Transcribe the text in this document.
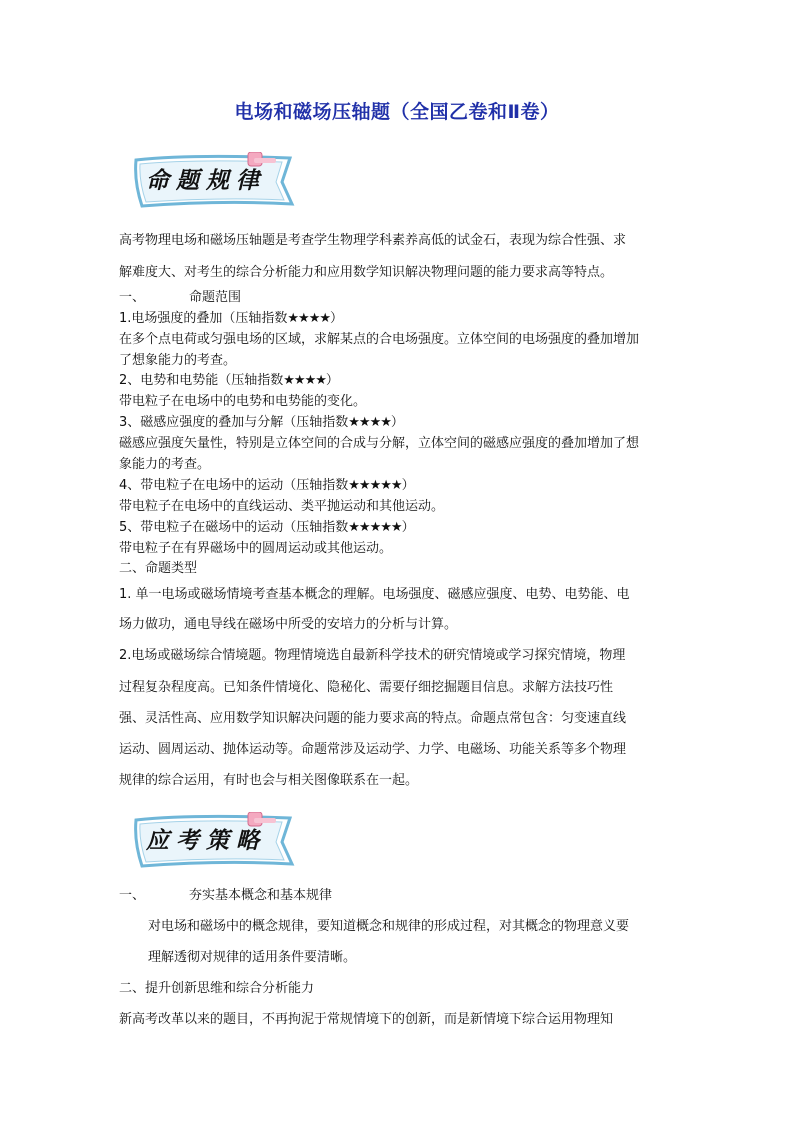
电场和磁场压轴题（全国乙卷和Ⅱ卷）
命题规律
高考物理电场和磁场压轴题是考查学生物理学科素养高低的试金石，表现为综合性强、求
解难度大、对考生的综合分析能力和应用数学知识解决物理问题的能力要求高等特点。
一、	命题范围
1.电场强度的叠加（压轴指数★★★★）
在多个点电荷或匀强电场的区域，求解某点的合电场强度。立体空间的电场强度的叠加增加
了想象能力的考查。
2、电势和电势能（压轴指数★★★★）
带电粒子在电场中的电势和电势能的变化。
3、磁感应强度的叠加与分解（压轴指数★★★★）
磁感应强度矢量性，特别是立体空间的合成与分解，立体空间的磁感应强度的叠加增加了想
象能力的考查。
4、带电粒子在电场中的运动（压轴指数★★★★★）
带电粒子在电场中的直线运动、类平抛运动和其他运动。
5、带电粒子在磁场中的运动（压轴指数★★★★★）
带电粒子在有界磁场中的圆周运动或其他运动。
二、命题类型
1. 单一电场或磁场情境考查基本概念的理解。电场强度、磁感应强度、电势、电势能、电
场力做功，通电导线在磁场中所受的安培力的分析与计算。
2.电场或磁场综合情境题。物理情境选自最新科学技术的研究情境或学习探究情境，物理
过程复杂程度高。已知条件情境化、隐秘化、需要仔细挖掘题目信息。求解方法技巧性
强、灵活性高、应用数学知识解决问题的能力要求高的特点。命题点常包含：匀变速直线
运动、圆周运动、抛体运动等。命题常涉及运动学、力学、电磁场、功能关系等多个物理
规律的综合运用，有时也会与相关图像联系在一起。
应考策略
一、	夯实基本概念和基本规律
对电场和磁场中的概念规律，要知道概念和规律的形成过程，对其概念的物理意义要
理解透彻对规律的适用条件要清晰。
二、提升创新思维和综合分析能力
新高考改革以来的题目，不再拘泥于常规情境下的创新，而是新情境下综合运用物理知
